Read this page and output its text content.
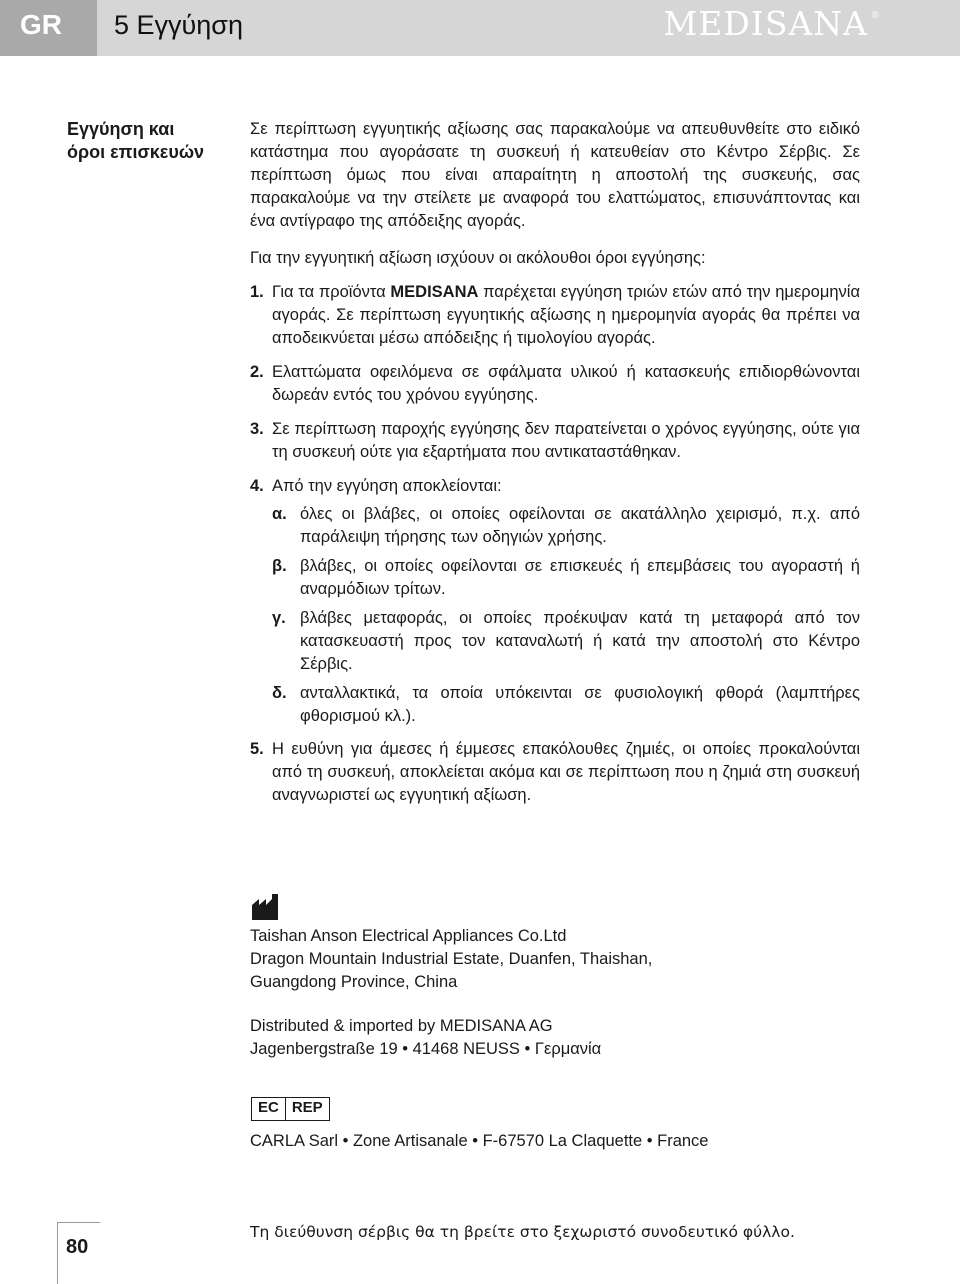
GR	5 Εγγύηση	MEDISANA ®
Εγγύηση και
όροι επισκευών

Σε περίπτωση εγγυητικής αξίωσης σας παρακαλούμε να απευθυνθείτε στο ειδικό κατάστημα που αγοράσατε τη συσκευή ή κατευθείαν στο Κέντρο Σέρβις. Σε περίπτωση όμως που είναι απαραίτητη η αποστολή της συσκευής, σας παρακαλούμε να την στείλετε με αναφορά του ελαττώματος, επισυνάπτοντας και ένα αντίγραφο της απόδειξης αγοράς.

Για την εγγυητική αξίωση ισχύουν οι ακόλουθοι όροι εγγύησης:

1. Για τα προϊόντα MEDISANA παρέχεται εγγύηση τριών ετών από την ημερομηνία αγοράς. Σε περίπτωση εγγυητικής αξίωσης η ημερομηνία αγοράς θα πρέπει να αποδεικνύεται μέσω απόδειξης ή τιμολογίου αγοράς.
2. Ελαττώματα οφειλόμενα σε σφάλματα υλικού ή κατασκευής επιδιορθώνονται δωρεάν εντός του χρόνου εγγύησης.
3. Σε περίπτωση παροχής εγγύησης δεν παρατείνεται ο χρόνος εγγύησης, ούτε για τη συσκευή ούτε για εξαρτήματα που αντικαταστάθηκαν.
4. Από την εγγύηση αποκλείονται:
α. όλες οι βλάβες, οι οποίες οφείλονται σε ακατάλληλο χειρισμό, π.χ. από παράλειψη τήρησης των οδηγιών χρήσης.
β. βλάβες, οι οποίες οφείλονται σε επισκευές ή επεμβάσεις του αγοραστή ή αναρμόδιων τρίτων.
γ. βλάβες μεταφοράς, οι οποίες προέκυψαν κατά τη μεταφορά από τον κατασκευαστή προς τον καταναλωτή ή κατά την αποστολή στο Κέντρο Σέρβις.
δ. ανταλλακτικά, τα οποία υπόκεινται σε φυσιολογική φθορά (λαμπτήρες φθορισμού κλ.).
5. Η ευθύνη για άμεσες ή έμμεσες επακόλουθες ζημιές, οι οποίες προκαλούνται από τη συσκευή, αποκλείεται ακόμα και σε περίπτωση που η ζημιά στη συσκευή αναγνωριστεί ως εγγυητική αξίωση.
Taishan Anson Electrical Appliances Co.Ltd
Dragon Mountain Industrial Estate, Duanfen, Thaishan,
Guangdong Province, China
Distributed & imported by MEDISANA AG
Jagenbergstraße 19 • 41468 NEUSS • Γερμανία
EC REP
CARLA Sarl • Zone Artisanale • F-67570 La Claquette • France
Τη διεύθυνση σέρβις θα τη βρείτε στο ξεχωριστό συνοδευτικό φύλλο.
80
